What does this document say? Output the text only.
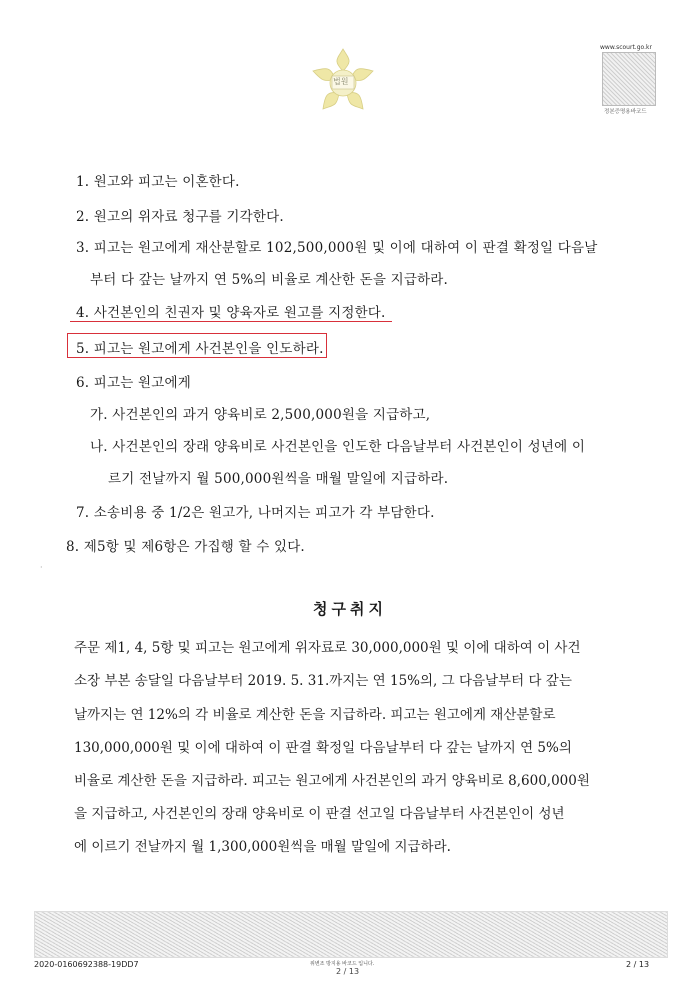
법원
www.scourt.go.kr
정본증명용바코드
1. 원고와 피고는 이혼한다.
2. 원고의 위자료 청구를 기각한다.
3. 피고는 원고에게 재산분할로 102,500,000원 및 이에 대하여 이 판결 확정일 다음날
부터 다 갚는 날까지 연 5%의 비율로 계산한 돈을 지급하라.
4. 사건본인의 친권자 및 양육자로 원고를 지정한다.
5. 피고는 원고에게 사건본인을 인도하라.
6. 피고는 원고에게
가. 사건본인의 과거 양육비로 2,500,000원을 지급하고,
나. 사건본인의 장래 양육비로 사건본인을 인도한 다음날부터 사건본인이 성년에 이
르기 전날까지 월 500,000원씩을 매월 말일에 지급하라.
7. 소송비용 중 1/2은 원고가, 나머지는 피고가 각 부담한다.
8. 제5항 및 제6항은 가집행 할 수 있다.
·
청구취지
주문 제1, 4, 5항 및 피고는 원고에게 위자료로 30,000,000원 및 이에 대하여 이 사건
소장 부본 송달일 다음날부터 2019. 5. 31.까지는 연 15%의, 그 다음날부터 다 갚는
날까지는 연 12%의 각 비율로 계산한 돈을 지급하라. 피고는 원고에게 재산분할로
130,000,000원 및 이에 대하여 이 판결 확정일 다음날부터 다 갚는 날까지 연 5%의
비율로 계산한 돈을 지급하라. 피고는 원고에게 사건본인의 과거 양육비로 8,600,000원
을 지급하고, 사건본인의 장래 양육비로 이 판결 선고일 다음날부터 사건본인이 성년
에 이르기 전날까지 월 1,300,000원씩을 매월 말일에 지급하라.
2020-0160692388-19DD7	위변조 방지용 바코드 입니다.
2 / 13
2 / 13
